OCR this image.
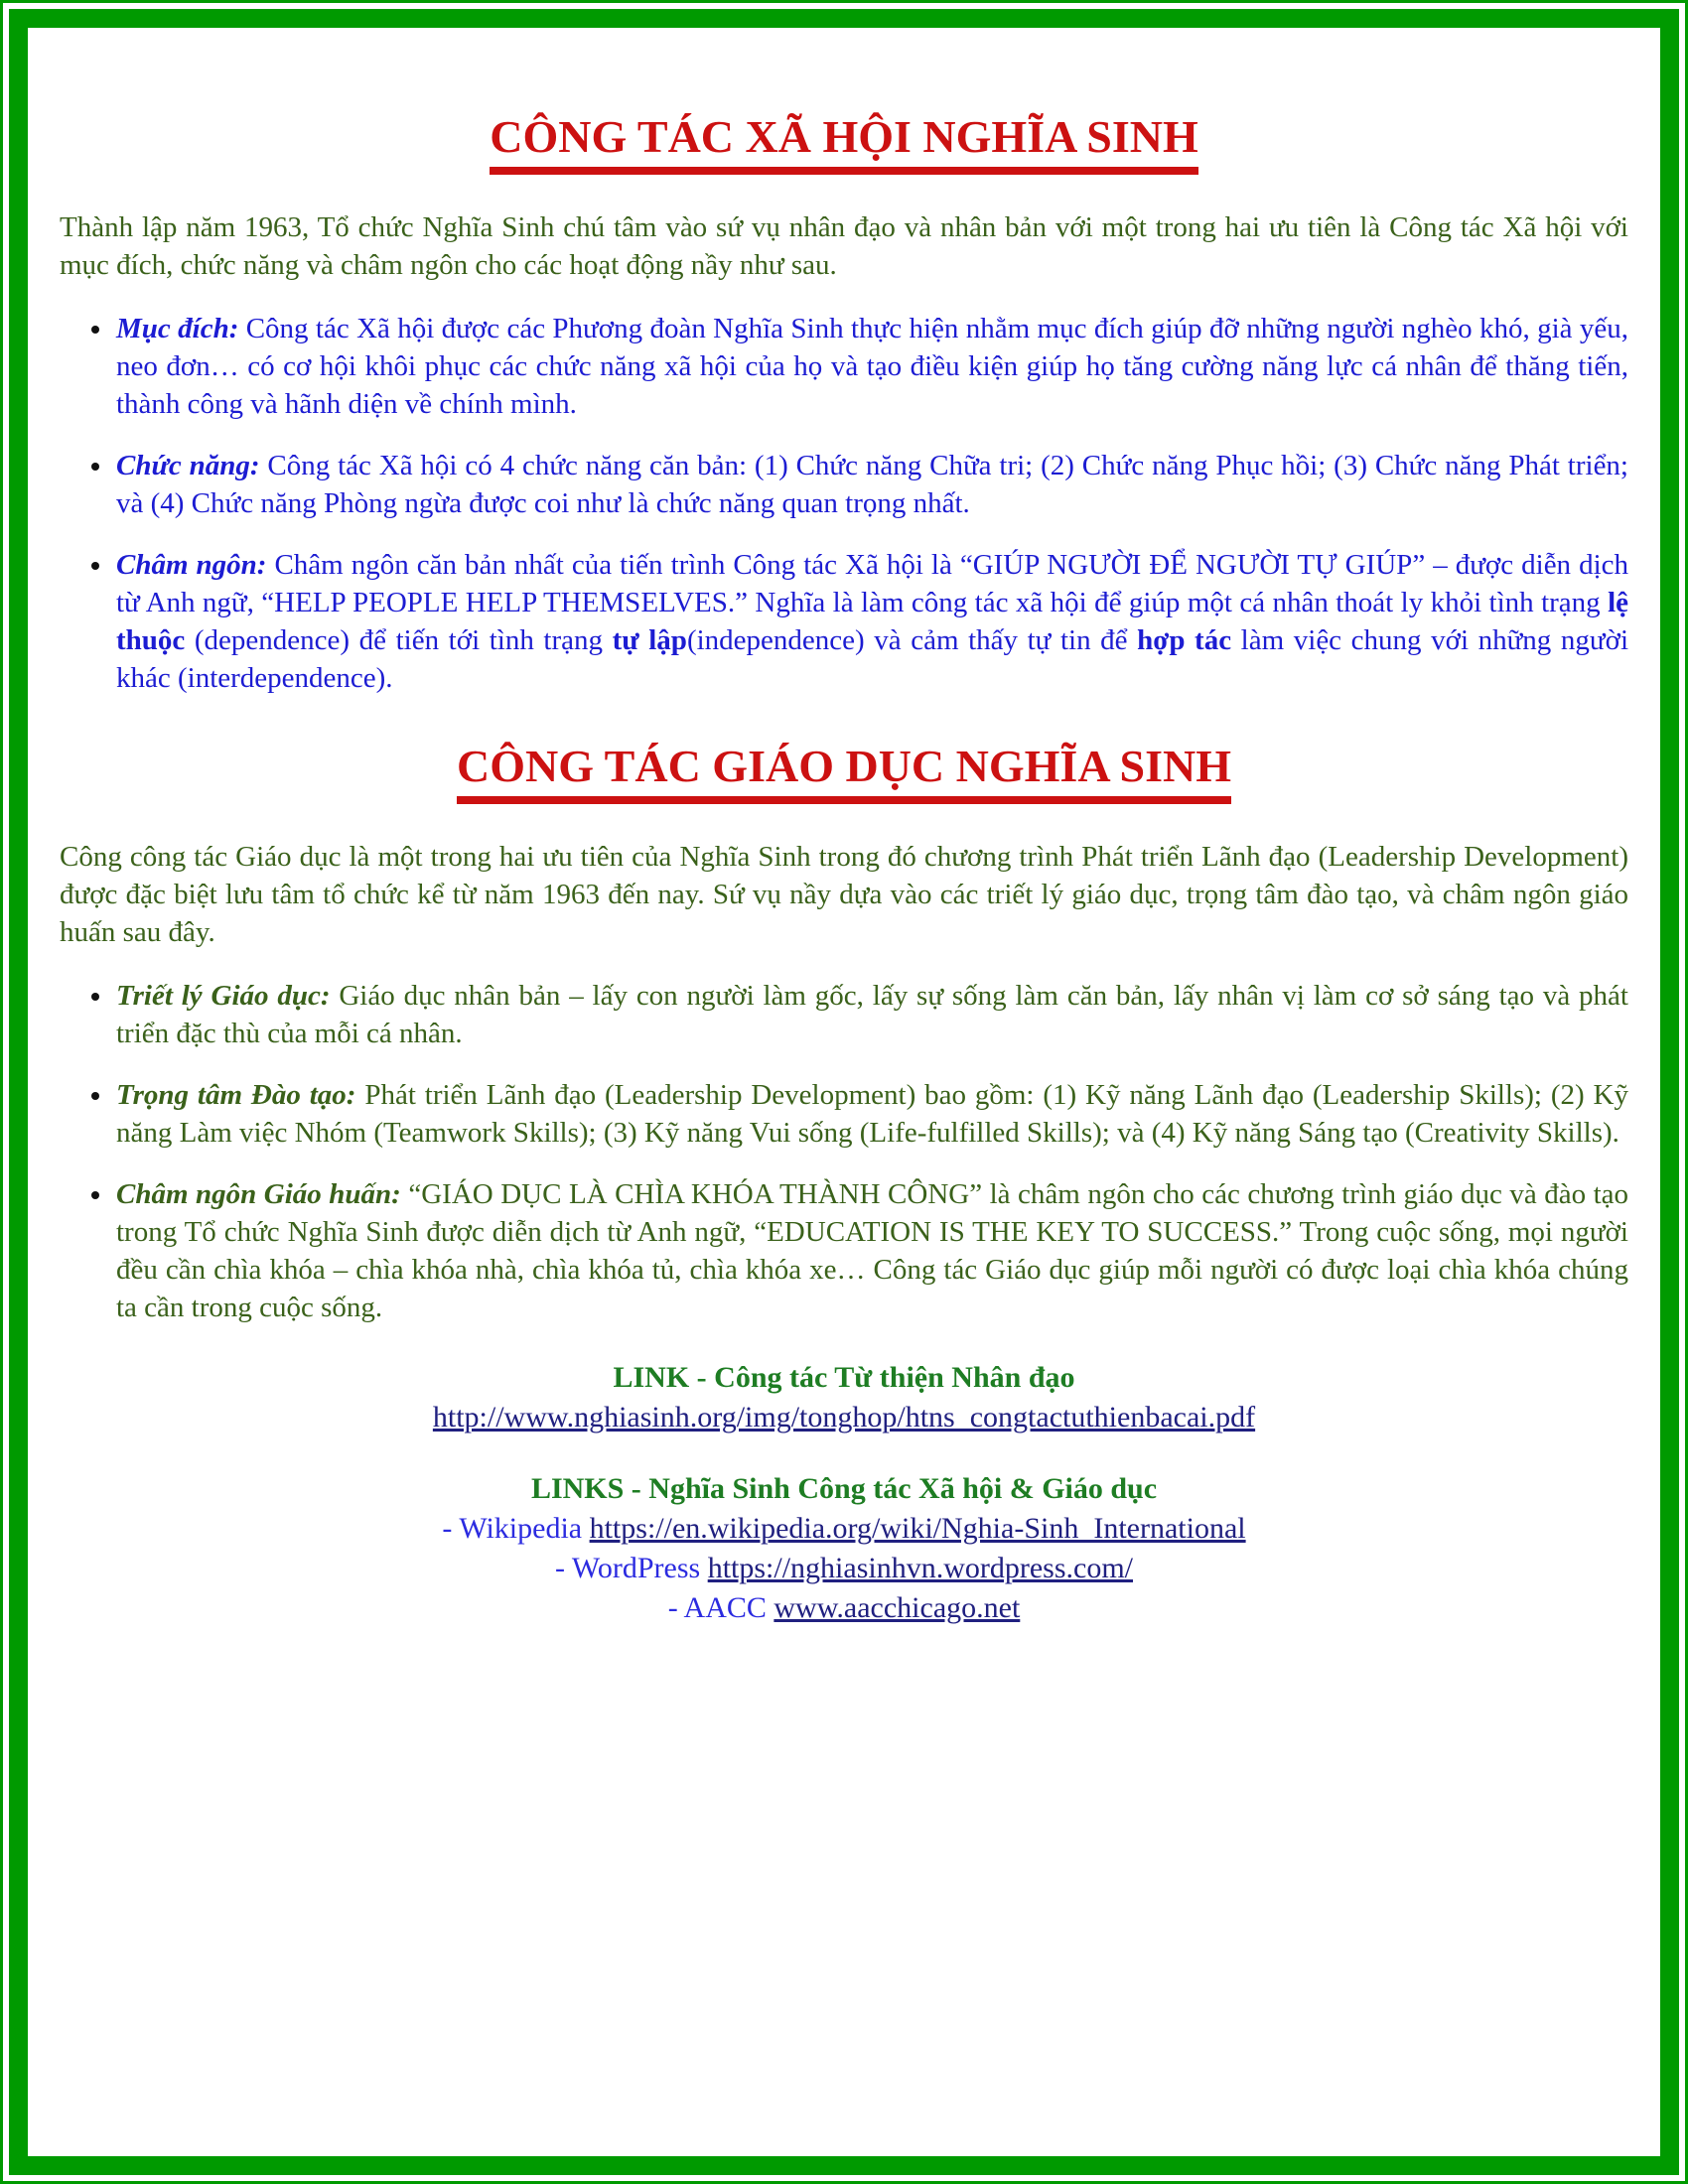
CÔNG TÁC XÃ HỘI NGHĨA SINH

Thành lập năm 1963, Tổ chức Nghĩa Sinh chú tâm vào sứ vụ nhân đạo và nhân bản với một trong hai ưu tiên là Công tác Xã hội với mục đích, chức năng và châm ngôn cho các hoạt động nầy như sau.

• Mục đích: Công tác Xã hội được các Phương đoàn Nghĩa Sinh thực hiện nhằm mục đích giúp đỡ những người nghèo khó, già yếu, neo đơn… có cơ hội khôi phục các chức năng xã hội của họ và tạo điều kiện giúp họ tăng cường năng lực cá nhân để thăng tiến, thành công và hãnh diện về chính mình.
• Chức năng: Công tác Xã hội có 4 chức năng căn bản: (1) Chức năng Chữa tri; (2) Chức năng Phục hồi; (3) Chức năng Phát triển; và (4) Chức năng Phòng ngừa được coi như là chức năng quan trọng nhất.
• Châm ngôn: Châm ngôn căn bản nhất của tiến trình Công tác Xã hội là “GIÚP NGƯỜI ĐỂ NGƯỜI TỰ GIÚP” – được diễn dịch từ Anh ngữ, “HELP PEOPLE HELP THEMSELVES.” Nghĩa là làm công tác xã hội để giúp một cá nhân thoát ly khỏi tình trạng lệ thuộc (dependence) để tiến tới tình trạng tự lập(independence) và cảm thấy tự tin để hợp tác làm việc chung với những người khác (interdependence).
CÔNG TÁC GIÁO DỤC NGHĨA SINH

Công công tác Giáo dục là một trong hai ưu tiên của Nghĩa Sinh trong đó chương trình Phát triển Lãnh đạo (Leadership Development) được đặc biệt lưu tâm tổ chức kể từ năm 1963 đến nay. Sứ vụ nầy dựa vào các triết lý giáo dục, trọng tâm đào tạo, và châm ngôn giáo huấn sau đây.

• Triết lý Giáo dục: Giáo dục nhân bản – lấy con người làm gốc, lấy sự sống làm căn bản, lấy nhân vị làm cơ sở sáng tạo và phát triển đặc thù của mỗi cá nhân.
• Trọng tâm Đào tạo: Phát triển Lãnh đạo (Leadership Development) bao gồm: (1) Kỹ năng Lãnh đạo (Leadership Skills); (2) Kỹ năng Làm việc Nhóm (Teamwork Skills); (3) Kỹ năng Vui sống (Life-fulfilled Skills); và (4) Kỹ năng Sáng tạo (Creativity Skills).
• Châm ngôn Giáo huấn: “GIÁO DỤC LÀ CHÌA KHÓA THÀNH CÔNG” là châm ngôn cho các chương trình giáo dục và đào tạo trong Tổ chức Nghĩa Sinh được diễn dịch từ Anh ngữ, “EDUCATION IS THE KEY TO SUCCESS.” Trong cuộc sống, mọi người đều cần chìa khóa – chìa khóa nhà, chìa khóa tủ, chìa khóa xe… Công tác Giáo dục giúp mỗi người có được loại chìa khóa chúng ta cần trong cuộc sống.
LINK - Công tác Từ thiện Nhân đạo
http://www.nghiasinh.org/img/tonghop/htns_congtactuthienbacai.pdf
LINKS - Nghĩa Sinh Công tác Xã hội & Giáo dục
- Wikipedia https://en.wikipedia.org/wiki/Nghia-Sinh_International
- WordPress https://nghiasinhvn.wordpress.com/
- AACC www.aacchicago.net
